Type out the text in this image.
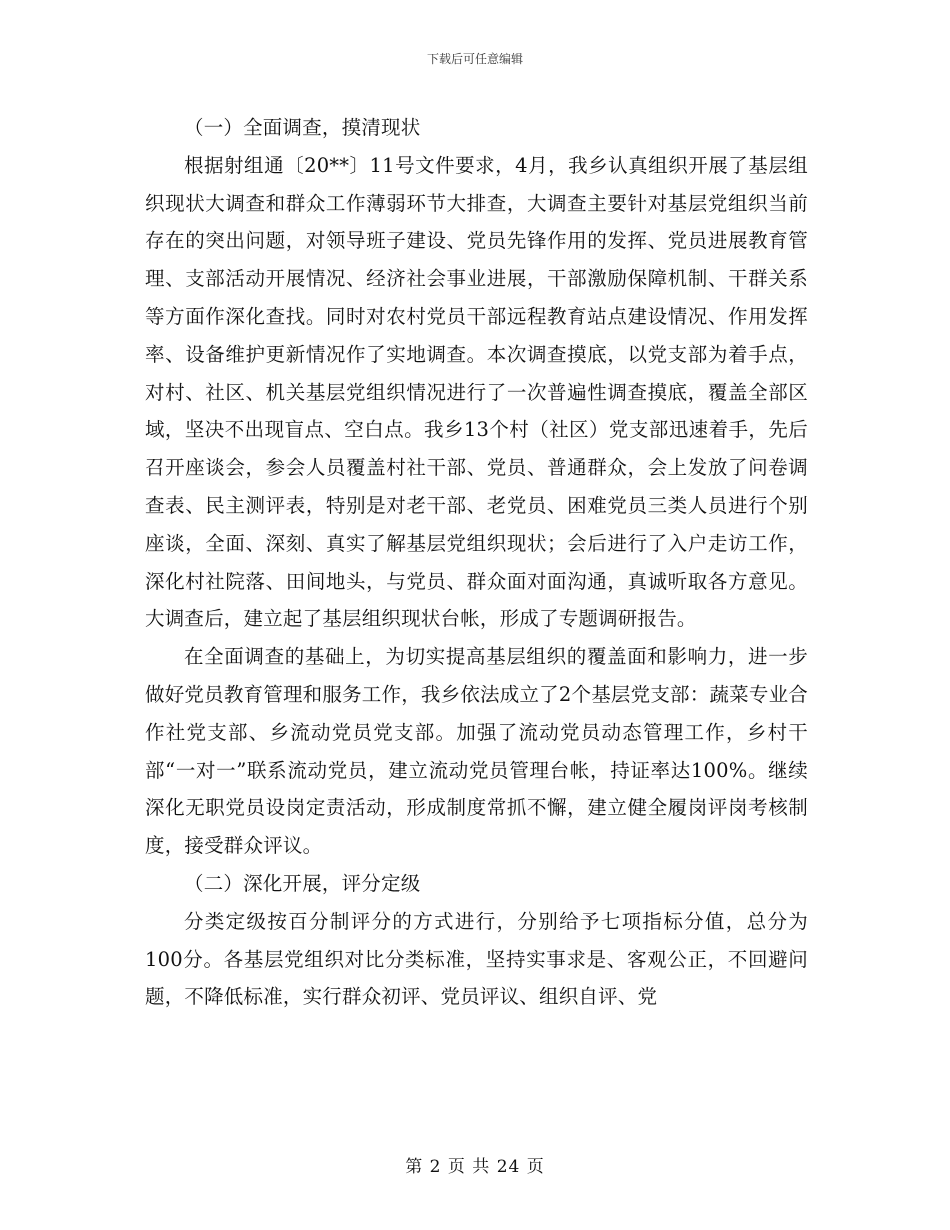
下载后可任意编辑

（一）全面调查，摸清现状

根据射组通〔20**〕11号文件要求，4月，我乡认真组织开展了基层组织现状大调查和群众工作薄弱环节大排查，大调查主要针对基层党组织当前存在的突出问题，对领导班子建设、党员先锋作用的发挥、党员进展教育管理、支部活动开展情况、经济社会事业进展，干部激励保障机制、干群关系等方面作深化查找。同时对农村党员干部远程教育站点建设情况、作用发挥率、设备维护更新情况作了实地调查。本次调查摸底，以党支部为着手点，对村、社区、机关基层党组织情况进行了一次普遍性调查摸底，覆盖全部区域，坚决不出现盲点、空白点。我乡13个村（社区）党支部迅速着手，先后召开座谈会，参会人员覆盖村社干部、党员、普通群众，会上发放了问卷调查表、民主测评表，特别是对老干部、老党员、困难党员三类人员进行个别座谈，全面、深刻、真实了解基层党组织现状；会后进行了入户走访工作，深化村社院落、田间地头，与党员、群众面对面沟通，真诚听取各方意见。大调查后，建立起了基层组织现状台帐，形成了专题调研报告。

在全面调查的基础上，为切实提高基层组织的覆盖面和影响力，进一步做好党员教育管理和服务工作，我乡依法成立了2个基层党支部：蔬菜专业合作社党支部、乡流动党员党支部。加强了流动党员动态管理工作，乡村干部“一对一”联系流动党员，建立流动党员管理台帐，持证率达100%。继续深化无职党员设岗定责活动，形成制度常抓不懈，建立健全履岗评岗考核制度，接受群众评议。

（二）深化开展，评分定级

分类定级按百分制评分的方式进行，分别给予七项指标分值，总分为100分。各基层党组织对比分类标准，坚持实事求是、客观公正，不回避问题，不降低标准，实行群众初评、党员评议、组织自评、党

第 2 页 共 24 页
